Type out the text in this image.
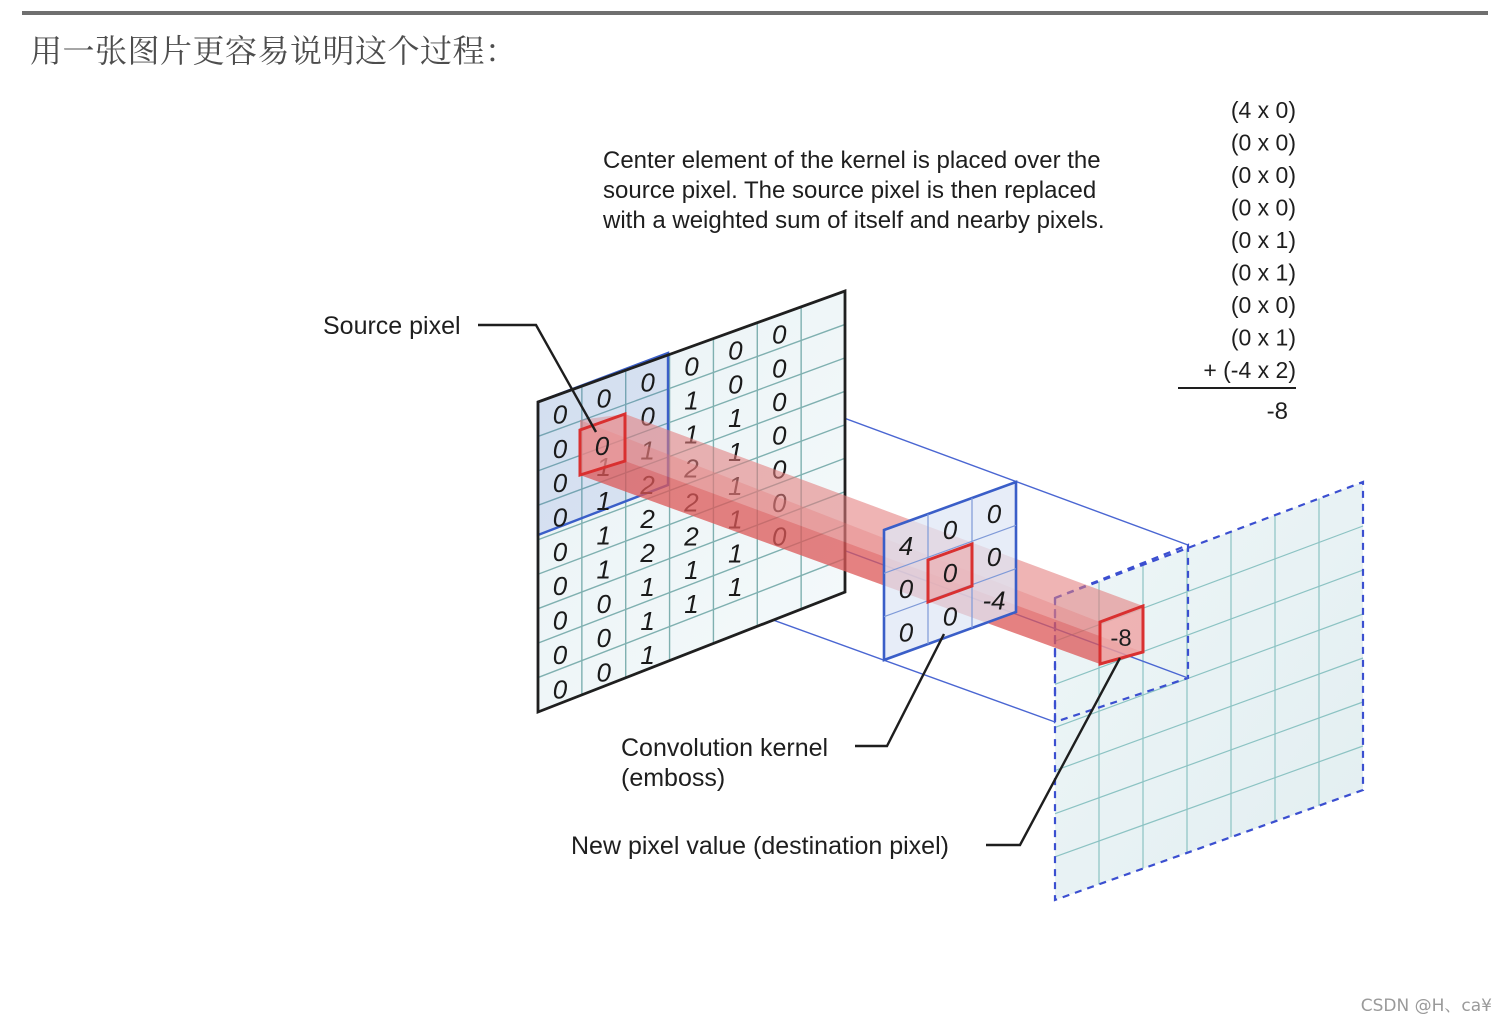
用一张图片更容易说明这个过程：
0
0
0
0
0
0
0
0
1
0
0
0
1
1
0
0
1
1
0
0
1
2
0
0
1
2
2
0
0
1
1
1
0
0
1
1
1
0
0
1
0
4
0
0
0
0
0
0
0
-4
-8
Source pixel
Convolution kernel
(emboss)
New pixel value (destination pixel)
Center element of the kernel is placed over the
source pixel. The source pixel is then replaced
with a weighted sum of itself and nearby pixels.
(4 x 0)
(0 x 0)
(0 x 0)
(0 x 0)
(0 x 1)
(0 x 1)
(0 x 0)
(0 x 1)
+ (-4 x 2)
-8
CSDN @H、ca¥
